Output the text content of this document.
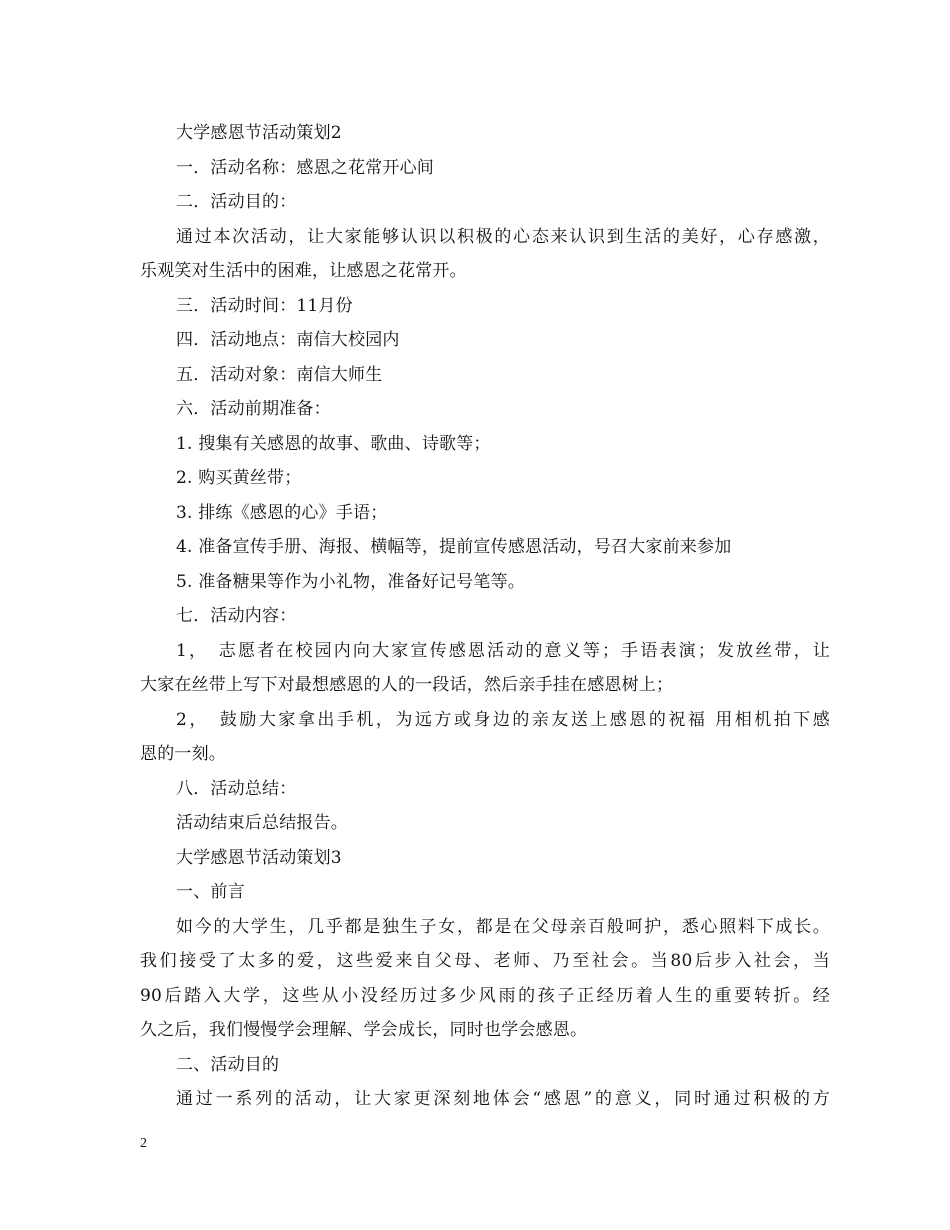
大学感恩节活动策划2
一．活动名称：感恩之花常开心间
二．活动目的：
通过本次活动，让大家能够认识以积极的心态来认识到生活的美好，心存感激，
乐观笑对生活中的困难，让感恩之花常开。
三．活动时间：11月份
四．活动地点：南信大校园内
五．活动对象：南信大师生
六．活动前期准备：
1. 搜集有关感恩的故事、歌曲、诗歌等；
2. 购买黄丝带；
3. 排练《感恩的心》手语；
4. 准备宣传手册、海报、横幅等，提前宣传感恩活动，号召大家前来参加
5. 准备糖果等作为小礼物，准备好记号笔等。
七．活动内容：
1，　志愿者在校园内向大家宣传感恩活动的意义等；手语表演；发放丝带，让
大家在丝带上写下对最想感恩的人的一段话，然后亲手挂在感恩树上；
2，　鼓励大家拿出手机，为远方或身边的亲友送上感恩的祝福 用相机拍下感
恩的一刻。
八．活动总结：
活动结束后总结报告。
大学感恩节活动策划3
一、前言
如今的大学生，几乎都是独生子女，都是在父母亲百般呵护，悉心照料下成长。
我们接受了太多的爱，这些爱来自父母、老师、乃至社会。当80后步入社会，当
90后踏入大学，这些从小没经历过多少风雨的孩子正经历着人生的重要转折。经
久之后，我们慢慢学会理解、学会成长，同时也学会感恩。
二、活动目的
通过一系列的活动，让大家更深刻地体会“感恩”的意义，同时通过积极的方
2
